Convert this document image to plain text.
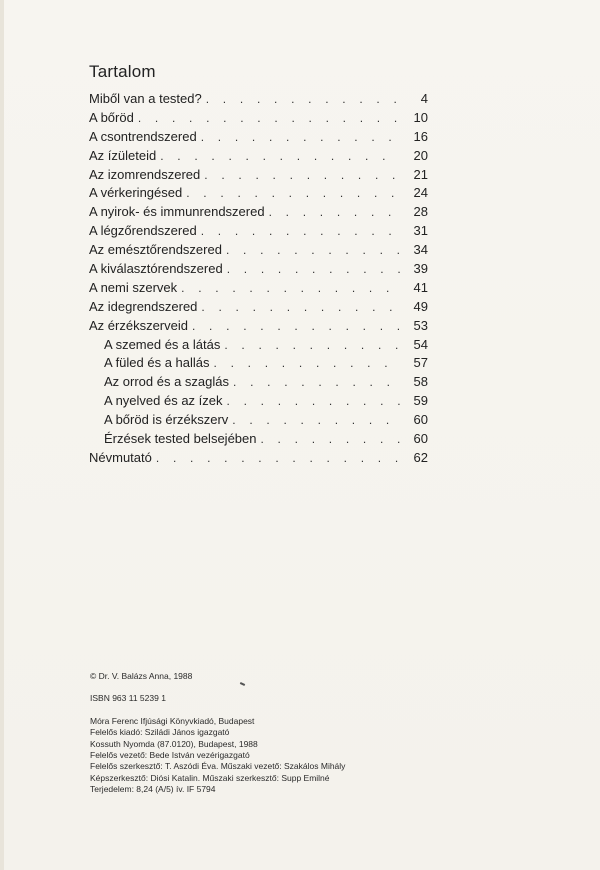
Tartalom
Miből van a tested? . . .	4
A bőröd . . .	10
A csontrendszered . . .	16
Az ízületeid . . .	20
Az izomrendszered . . .	21
A vérkeringésed . . .	24
A nyirok- és immunrendszered . . .	28
A légzőrendszered . . .	31
Az emésztőrendszered . . .	34
A kiválasztórendszered . . .	39
A nemi szervek . . .	41
Az idegrendszered . . .	49
Az érzékszerveid . . .	53
A szemed és a látás . . .	54
A füled és a hallás . . .	57
Az orrod és a szaglás . . .	58
A nyelved és az ízek . . .	59
A bőröd is érzékszerv . . .	60
Érzések tested belsejében . . .	60
Névmutató . . .	62
© Dr. V. Balázs Anna, 1988
ISBN 963 11 5239 1
Móra Ferenc Ifjúsági Könyvkiadó, Budapest
Felelős kiadó: Sziládi János igazgató
Kossuth Nyomda (87.0120), Budapest, 1988
Felelős vezető: Bede István vezérigazgató
Felelős szerkesztő: T. Aszódi Éva. Műszaki vezető: Szakálos Mihály
Képszerkesztő: Diósi Katalin. Műszaki szerkesztő: Supp Emilné
Terjedelem: 8,24 (A/5) ív. IF 5794
